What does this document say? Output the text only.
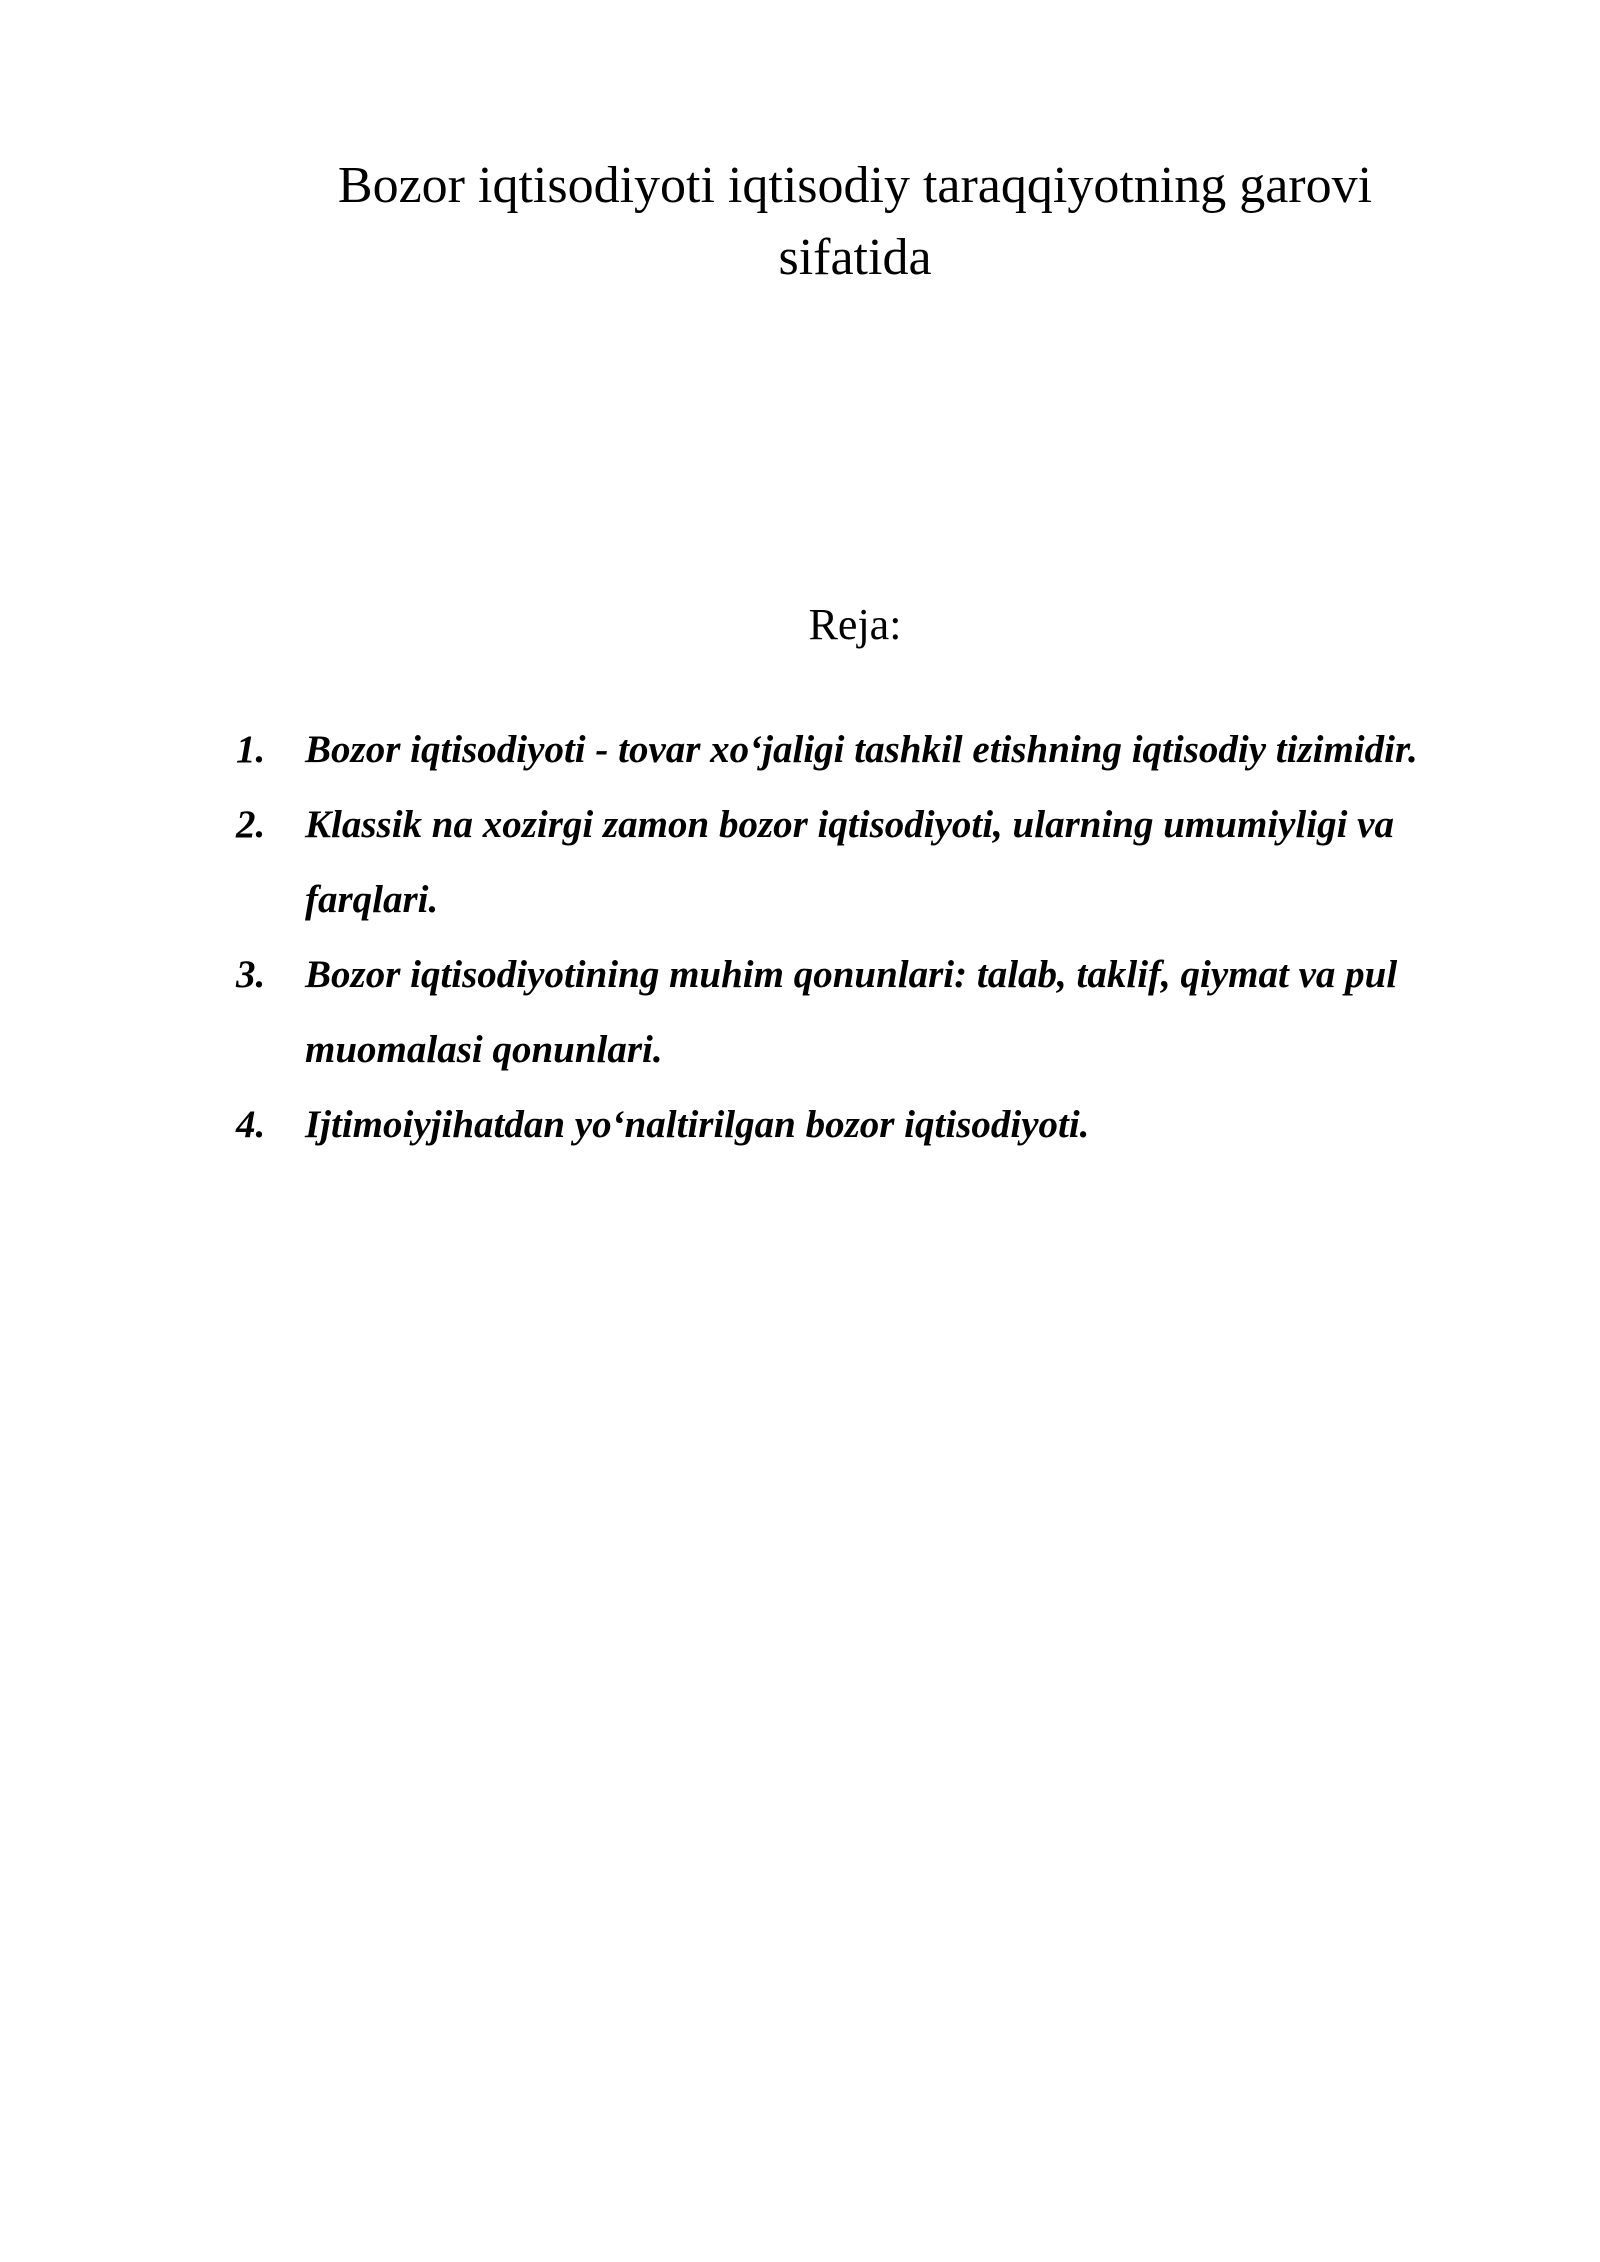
Bozor iqtisodiyoti iqtisodiy taraqqiyotning garovi
sifatida
Reja:
1. Bozor iqtisodiyoti - tovar xo‘jaligi tashkil etishning iqtisodiy tizimidir.
2. Klassik na xozirgi zamon bozor iqtisodiyoti, ularning umumiyligi va farqlari.
3. Bozor iqtisodiyotining muhim qonunlari: talab, taklif, qiymat va pul muomalasi qonunlari.
4. Ijtimoiyjihatdan yo‘naltirilgan bozor iqtisodiyoti.
